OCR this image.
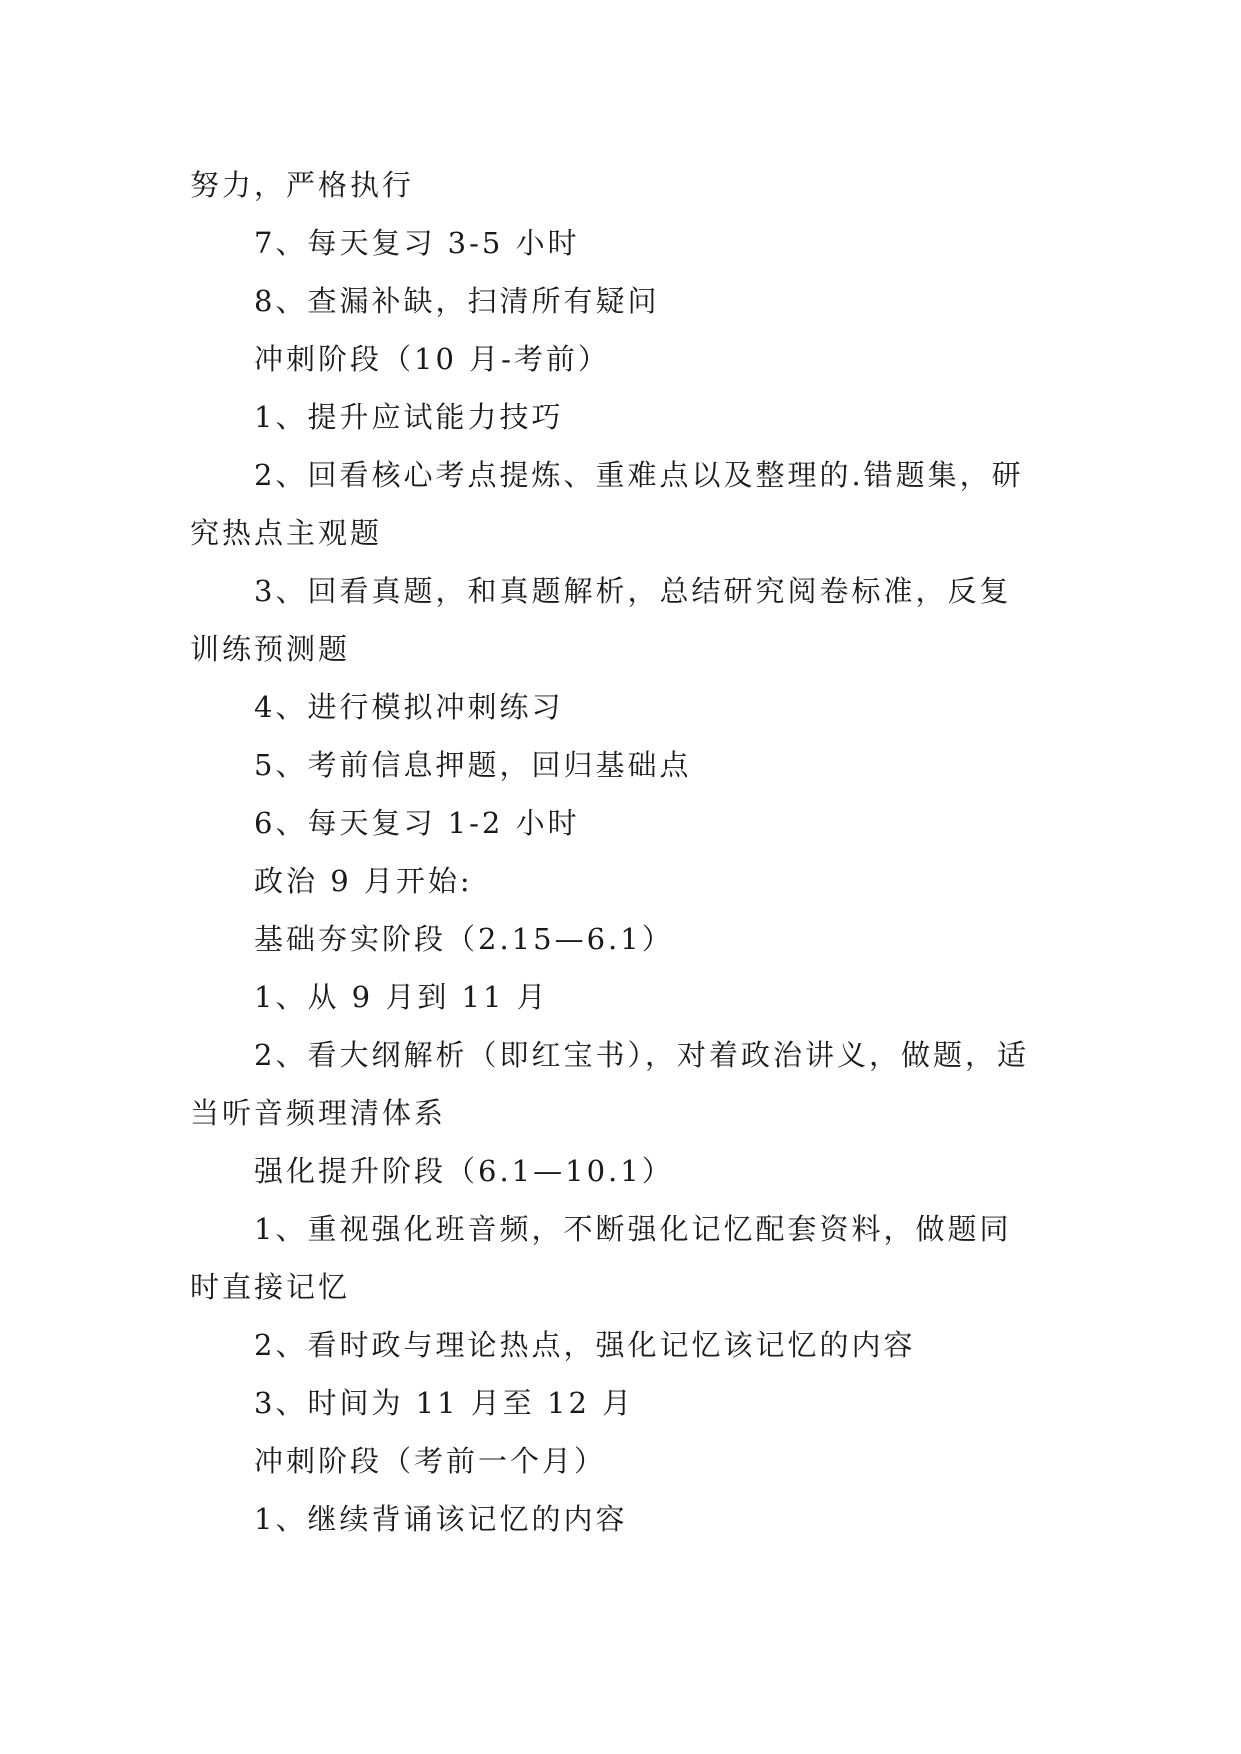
努力，严格执行

7、每天复习 3-5 小时

8、查漏补缺，扫清所有疑问

冲刺阶段（10 月-考前）

1、提升应试能力技巧

2、回看核心考点提炼、重难点以及整理的.错题集，研

究热点主观题

3、回看真题，和真题解析，总结研究阅卷标准，反复

训练预测题

4、进行模拟冲刺练习

5、考前信息押题，回归基础点

6、每天复习 1-2 小时

政治 9 月开始:

基础夯实阶段（2.15—6.1）

1、从 9 月到 11 月

2、看大纲解析（即红宝书），对着政治讲义，做题，适

当听音频理清体系

强化提升阶段（6.1—10.1）

1、重视强化班音频，不断强化记忆配套资料，做题同

时直接记忆

2、看时政与理论热点，强化记忆该记忆的内容

3、时间为 11 月至 12 月

冲刺阶段（考前一个月）

1、继续背诵该记忆的内容
